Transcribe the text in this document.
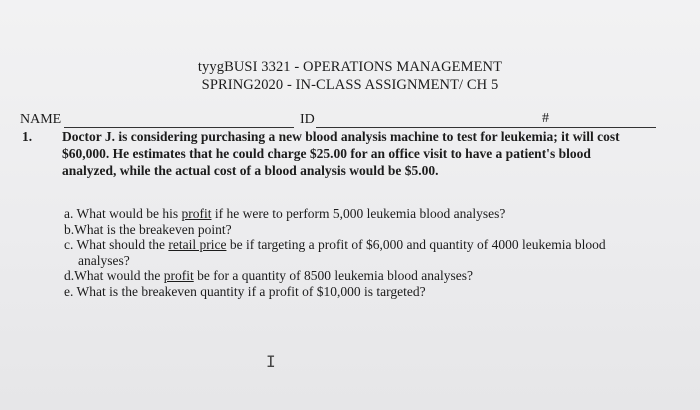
tyygBUSI 3321 - OPERATIONS MANAGEMENT
SPRING2020 - IN-CLASS ASSIGNMENT/ CH 5
NAME	ID	#
1. Doctor J. is considering purchasing a new blood analysis machine to test for leukemia; it will cost
$60,000. He estimates that he could charge $25.00 for an office visit to have a patient's blood
analyzed, while the actual cost of a blood analysis would be $5.00.
a. What would be his profit if he were to perform 5,000 leukemia blood analyses?
b.What is the breakeven point?
c. What should the retail price be if targeting a profit of $6,000 and quantity of 4000 leukemia blood
analyses?
d.What would the profit be for a quantity of 8500 leukemia blood analyses?
e. What is the breakeven quantity if a profit of $10,000 is targeted?
I
